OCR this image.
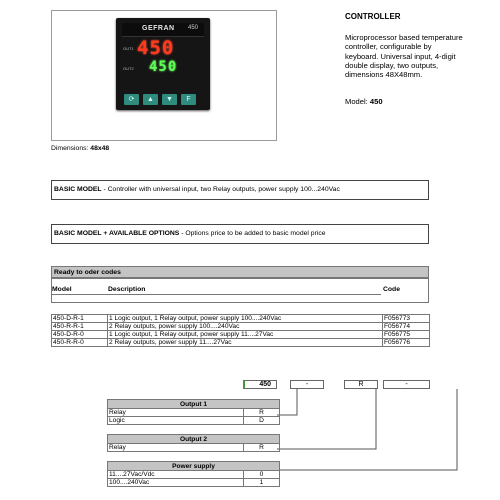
GEFRAN 450
OUT1
OUT2
450
450
⟳	▲	▼	F
CONTROLLER
Microprocessor based temperature controller, configurable by keyboard. Universal input, 4-digit double display, two outputs, dimensions 48X48mm.
Model: 450
Dimensions: 48x48
BASIC MODEL - Controller with universal input, two Relay outputs, power supply 100...240Vac
BASIC MODEL + AVAILABLE OPTIONS - Options price to be added to basic model price
Ready to oder codes
Model	Description	Code
450-D-R-1	1 Logic output, 1 Relay output, power supply 100....240Vac	F056773
450-R-R-1	2 Relay outputs, power supply 100....240Vac	F056774
450-D-R-0	1 Logic output, 1 Relay output, power supply 11....27Vac	F056775
450-R-R-0	2 Relay outputs, power supply 11....27Vac	F056776
450	-	R	-
Output 1	
Relay	R
Logic	D
Output 2
Relay	R
Power supply	
11....27Vac/Vdc	0
100....240Vac	1
